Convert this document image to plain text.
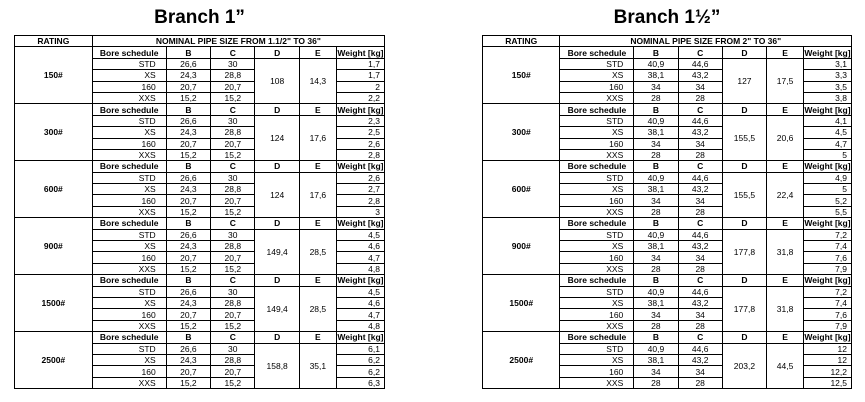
Branch 1”
RATING	NOMINAL PIPE SIZE FROM 1.1/2" TO 36"					
150#	Bore schedule	B	C	D	E	Weight [kg]
	STD	26,6	30	108	14,3	1,7
	XS	24,3	28,8			1,7
	160	20,7	20,7			2
	XXS	15,2	15,2			2,2
300#	Bore schedule	B	C	D	E	Weight [kg]
	STD	26,6	30	124	17,6	2,3
	XS	24,3	28,8			2,5
	160	20,7	20,7			2,6
	XXS	15,2	15,2			2,8
600#	Bore schedule	B	C	D	E	Weight [kg]
	STD	26,6	30	124	17,6	2,6
	XS	24,3	28,8			2,7
	160	20,7	20,7			2,8
	XXS	15,2	15,2			3
900#	Bore schedule	B	C	D	E	Weight [kg]
	STD	26,6	30	149,4	28,5	4,5
	XS	24,3	28,8			4,6
	160	20,7	20,7			4,7
	XXS	15,2	15,2			4,8
1500#	Bore schedule	B	C	D	E	Weight [kg]
	STD	26,6	30	149,4	28,5	4,5
	XS	24,3	28,8			4,6
	160	20,7	20,7			4,7
	XXS	15,2	15,2			4,8
2500#	Bore schedule	B	C	D	E	Weight [kg]
	STD	26,6	30	158,8	35,1	6,1
	XS	24,3	28,8			6,2
	160	20,7	20,7			6,2
	XXS	15,2	15,2			6,3
Branch 1½”
RATING	NOMINAL PIPE SIZE FROM 2" TO 36"					
150#	Bore schedule	B	C	D	E	Weight [kg]
	STD	40,9	44,6	127	17,5	3,1
	XS	38,1	43,2			3,3
	160	34	34			3,5
	XXS	28	28			3,8
300#	Bore schedule	B	C	D	E	Weight [kg]
	STD	40,9	44,6	155,5	20,6	4,1
	XS	38,1	43,2			4,5
	160	34	34			4,7
	XXS	28	28			5
600#	Bore schedule	B	C	D	E	Weight [kg]
	STD	40,9	44,6	155,5	22,4	4,9
	XS	38,1	43,2			5
	160	34	34			5,2
	XXS	28	28			5,5
900#	Bore schedule	B	C	D	E	Weight [kg]
	STD	40,9	44,6	177,8	31,8	7,2
	XS	38,1	43,2			7,4
	160	34	34			7,6
	XXS	28	28			7,9
1500#	Bore schedule	B	C	D	E	Weight [kg]
	STD	40,9	44,6	177,8	31,8	7,2
	XS	38,1	43,2			7,4
	160	34	34			7,6
	XXS	28	28			7,9
2500#	Bore schedule	B	C	D	E	Weight [kg]
	STD	40,9	44,6	203,2	44,5	12
	XS	38,1	43,2			12
	160	34	34			12,2
	XXS	28	28			12,5
